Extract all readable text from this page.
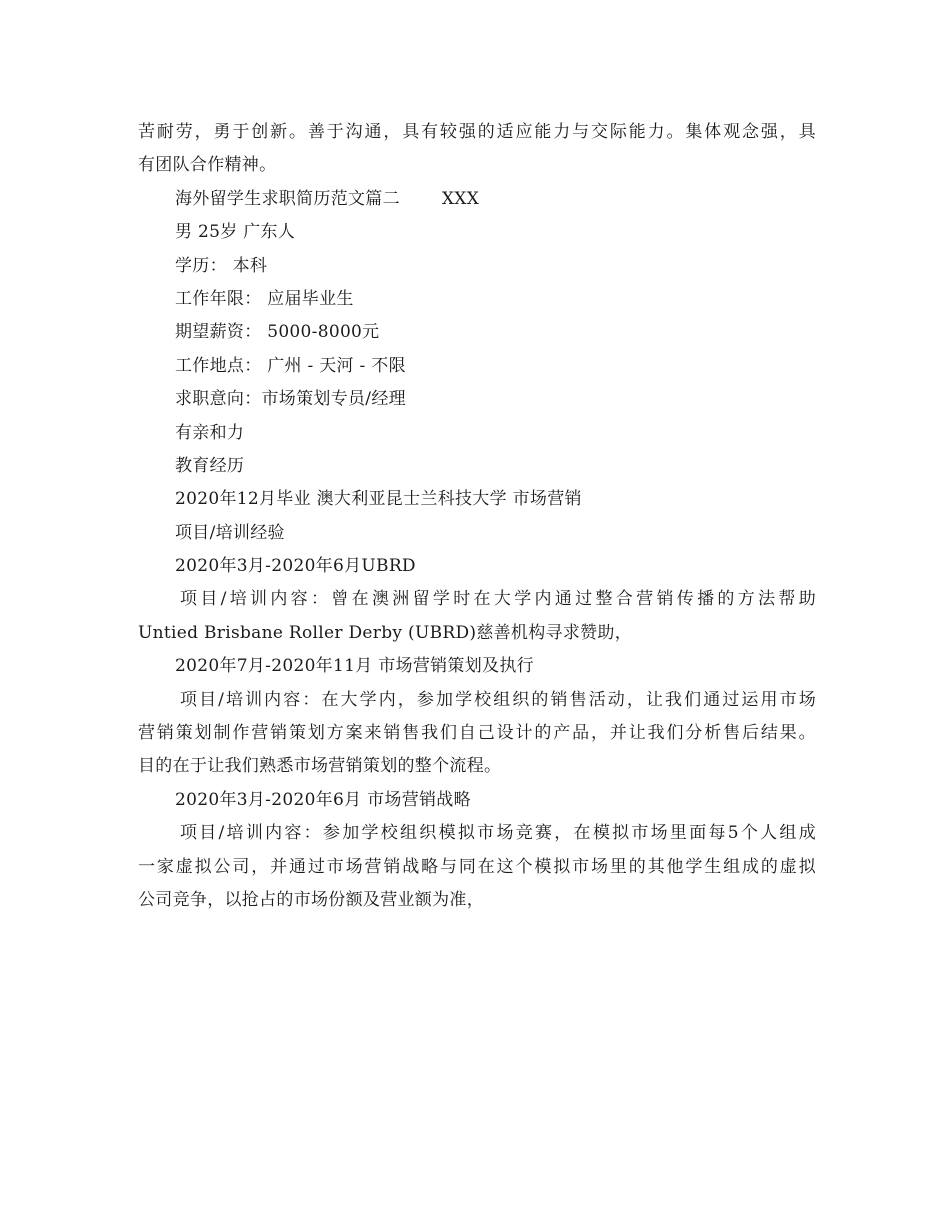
苦耐劳，勇于创新。善于沟通，具有较强的适应能力与交际能力。集体观念强，具
有团队合作精神。
海外留学生求职简历范文篇二 XXX
男 25岁 广东人
学历： 本科
工作年限： 应届毕业生
期望薪资： 5000-8000元
工作地点： 广州 - 天河 - 不限
求职意向：市场策划专员/经理
有亲和力
教育经历
2020年12月毕业 澳大利亚昆士兰科技大学 市场营销
项目/培训经验
2020年3月-2020年6月UBRD
项目/培训内容：曾在澳洲留学时在大学内通过整合营销传播的方法帮助
Untied Brisbane Roller Derby (UBRD)慈善机构寻求赞助，
2020年7月-2020年11月 市场营销策划及执行
项目/培训内容：在大学内，参加学校组织的销售活动，让我们通过运用市场
营销策划制作营销策划方案来销售我们自己设计的产品，并让我们分析售后结果。
目的在于让我们熟悉市场营销策划的整个流程。
2020年3月-2020年6月 市场营销战略
项目/培训内容：参加学校组织模拟市场竞赛，在模拟市场里面每5个人组成
一家虚拟公司，并通过市场营销战略与同在这个模拟市场里的其他学生组成的虚拟
公司竞争，以抢占的市场份额及营业额为准，
